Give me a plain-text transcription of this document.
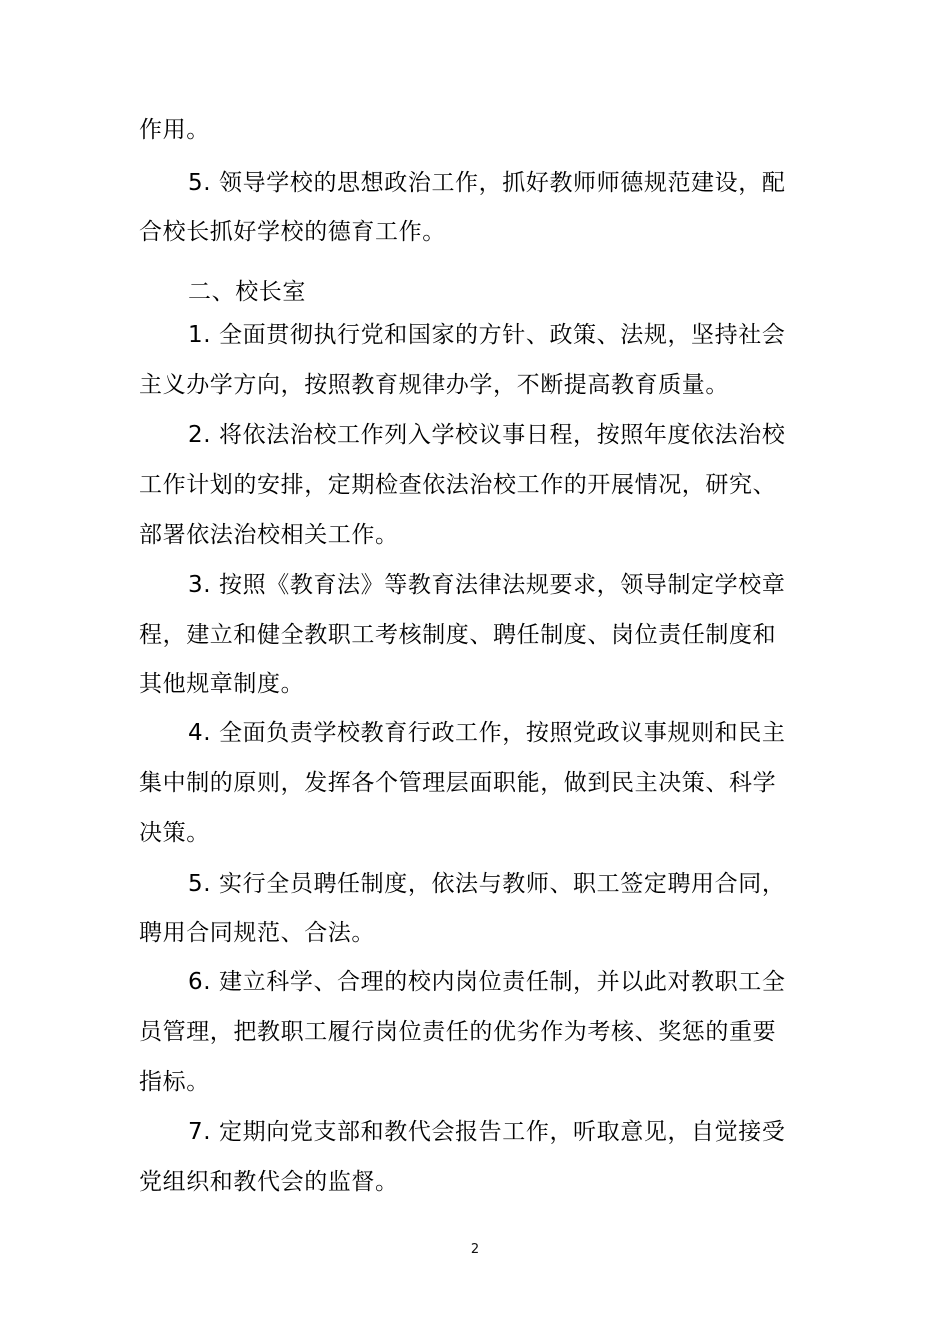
作用。
5. 领导学校的思想政治工作，抓好教师师德规范建设，配
合校长抓好学校的德育工作。
二、校长室
1. 全面贯彻执行党和国家的方针、政策、法规，坚持社会
主义办学方向，按照教育规律办学，不断提高教育质量。
2. 将依法治校工作列入学校议事日程，按照年度依法治校
工作计划的安排，定期检查依法治校工作的开展情况，研究、
部署依法治校相关工作。
3. 按照《教育法》等教育法律法规要求，领导制定学校章
程，建立和健全教职工考核制度、聘任制度、岗位责任制度和
其他规章制度。
4. 全面负责学校教育行政工作，按照党政议事规则和民主
集中制的原则，发挥各个管理层面职能，做到民主决策、科学
决策。
5. 实行全员聘任制度，依法与教师、职工签定聘用合同，
聘用合同规范、合法。
6. 建立科学、合理的校内岗位责任制，并以此对教职工全
员管理，把教职工履行岗位责任的优劣作为考核、奖惩的重要
指标。
7. 定期向党支部和教代会报告工作，听取意见，自觉接受
党组织和教代会的监督。
2
